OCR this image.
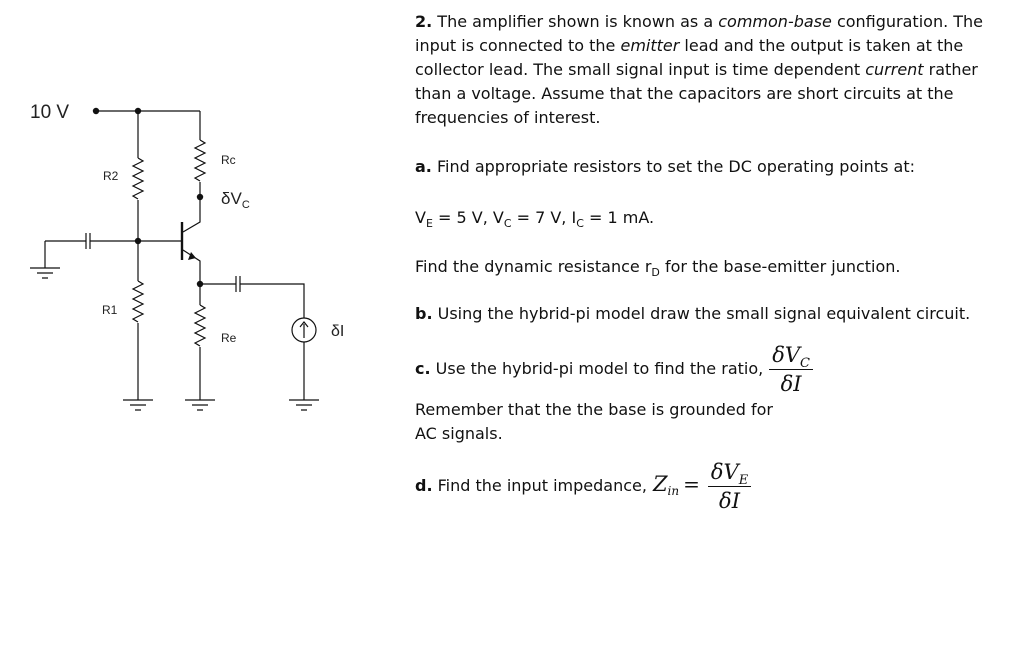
10 V
R2
R1
Rc
Re
$\delta V_C$
δI

2. The amplifier shown is known as a common-base configuration. The input is connected to the emitter lead and the output is taken at the collector lead. The small signal input is time dependent current rather than a voltage. Assume that the capacitors are short circuits at the frequencies of interest.

a. Find appropriate resistors to set the DC operating points at:

$V_E = 5$ V, $V_C = 7$ V, $I_C = 1$ mA.

Find the dynamic resistance $r_D$ for the base-emitter junction.

b. Using the hybrid-pi model draw the small signal equivalent circuit.

c. Use the hybrid-pi model to find the ratio, $\frac{\delta V_C}{\delta I}$

Remember that the the base is grounded for AC signals.

d. Find the input impedance, $Z_{in} = \frac{\delta V_E}{\delta I}$
